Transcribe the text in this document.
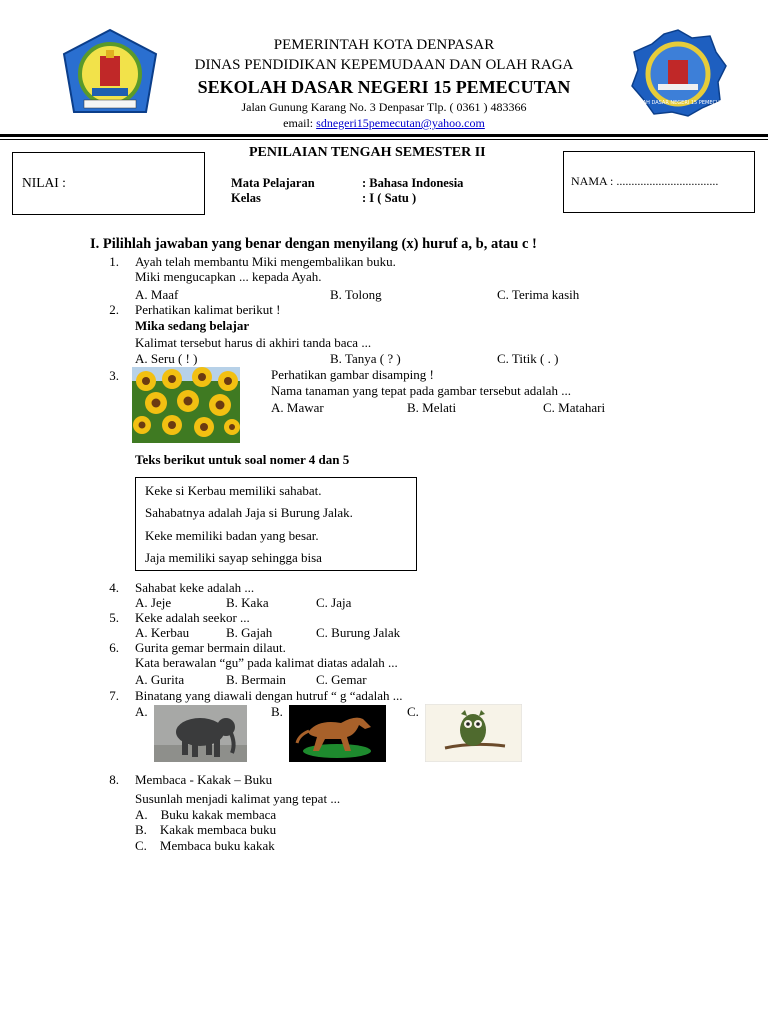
SEKOLAH DASAR NEGERI 15 PEMECUTAN
PEMERINTAH KOTA DENPASAR
DINAS PENDIDIKAN KEPEMUDAAN DAN OLAH RAGA
SEKOLAH DASAR NEGERI 15 PEMECUTAN
Jalan Gunung Karang No. 3 Denpasar Tlp. ( 0361 ) 483366
email: sdnegeri15pemecutan@yahoo.com
NILAI :
PENILAIAN TENGAH SEMESTER II
Mata Pelajaran	: Bahasa Indonesia
Kelas	: I ( Satu )
NAMA : ..................................
I. Pilihlah jawaban yang benar dengan menyilang (x) huruf a, b, atau c !
1. Ayah telah membantu Miki mengembalikan buku.
Miki mengucapkan ... kepada Ayah.
A. Maaf	B. Tolong	C. Terima kasih
2. Perhatikan kalimat berikut !
Mika sedang belajar
Kalimat tersebut harus di akhiri tanda baca ...
A. Seru ( ! )	B. Tanya ( ? )	C. Titik ( . )
3.	Perhatikan gambar disamping !
Nama tanaman yang tepat pada gambar tersebut adalah ...
A. Mawar	B. Melati	C. Matahari
Teks berikut untuk soal nomer 4 dan 5
Keke si Kerbau memiliki sahabat.
Sahabatnya adalah Jaja si Burung Jalak.
Keke memiliki badan yang besar.
Jaja memiliki sayap sehingga bisa
4. Sahabat keke adalah ...
A. Jeje	B. Kaka	C. Jaja
5. Keke adalah seekor ...
A. Kerbau	B. Gajah	C. Burung Jalak
6. Gurita gemar bermain dilaut.
Kata berawalan “gu” pada kalimat diatas adalah ...
A. Gurita	B. Bermain C. Gemar
7. Binatang yang diawali dengan hutruf “ g “adalah ...
A.	B.	C.
8. Membaca - Kakak – Buku
Susunlah menjadi kalimat yang tepat ...
A.    Buku kakak membaca
B.    Kakak membaca buku
C.    Membaca buku kakak
